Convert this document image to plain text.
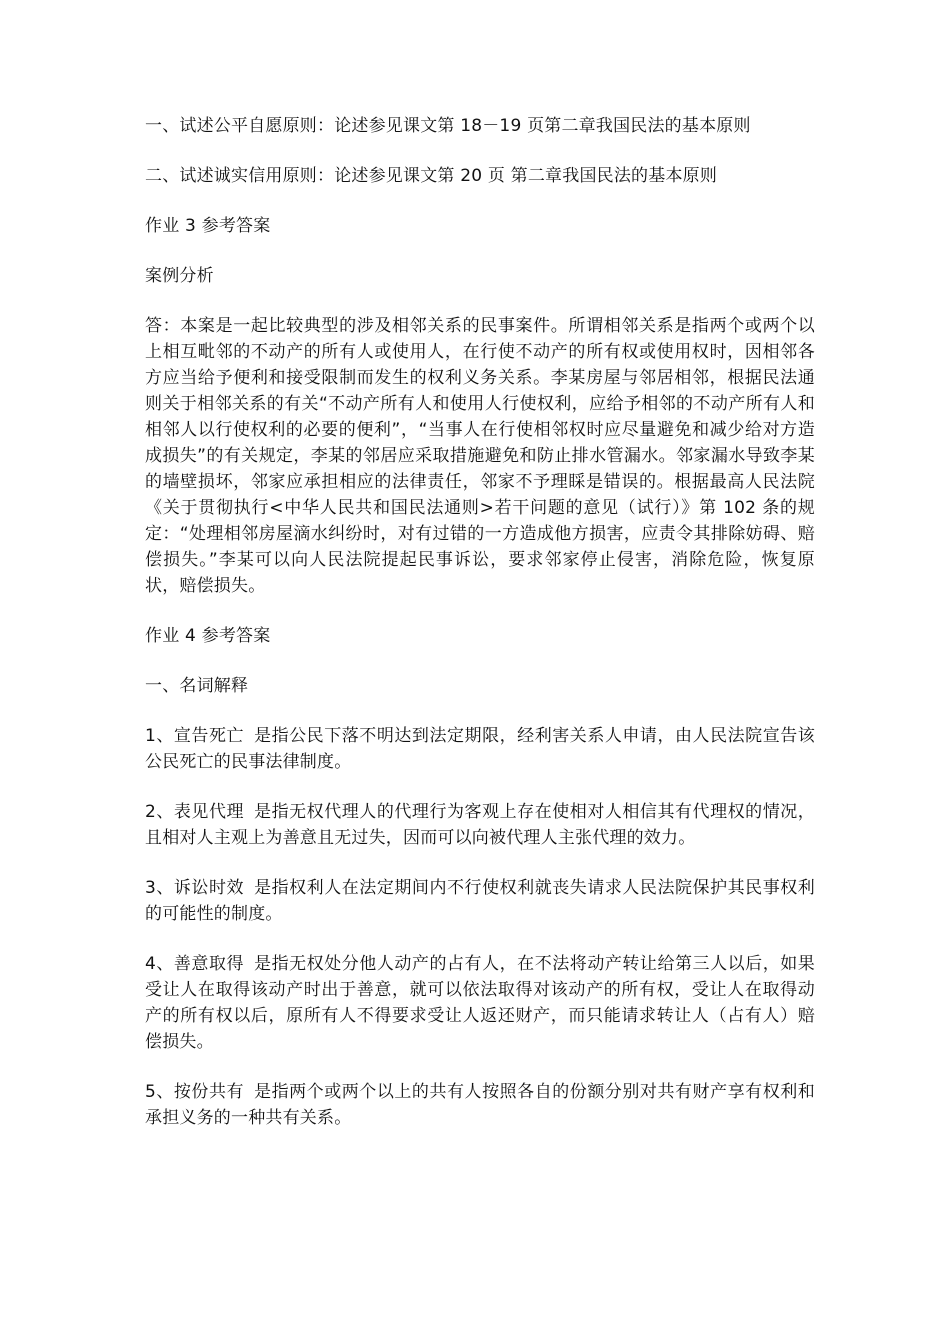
一、试述公平自愿原则：论述参见课文第 18－19 页第二章我国民法的基本原则

二、试述诚实信用原则：论述参见课文第 20 页 第二章我国民法的基本原则

作业 3 参考答案

案例分析

答：本案是一起比较典型的涉及相邻关系的民事案件。所谓相邻关系是指两个或两个以上相互毗邻的不动产的所有人或使用人，在行使不动产的所有权或使用权时，因相邻各方应当给予便利和接受限制而发生的权利义务关系。李某房屋与邻居相邻，根据民法通则关于相邻关系的有关“不动产所有人和使用人行使权利，应给予相邻的不动产所有人和相邻人以行使权利的必要的便利”，“当事人在行使相邻权时应尽量避免和减少给对方造成损失”的有关规定，李某的邻居应采取措施避免和防止排水管漏水。邻家漏水导致李某的墙壁损坏，邻家应承担相应的法律责任，邻家不予理睬是错误的。根据最高人民法院《关于贯彻执行<中华人民共和国民法通则>若干问题的意见（试行）》第 102 条的规定：“处理相邻房屋滴水纠纷时，对有过错的一方造成他方损害，应责令其排除妨碍、赔偿损失。”李某可以向人民法院提起民事诉讼，要求邻家停止侵害，消除危险，恢复原状，赔偿损失。

作业 4 参考答案

一、名词解释

1、宣告死亡 是指公民下落不明达到法定期限，经利害关系人申请，由人民法院宣告该公民死亡的民事法律制度。

2、表见代理 是指无权代理人的代理行为客观上存在使相对人相信其有代理权的情况，且相对人主观上为善意且无过失，因而可以向被代理人主张代理的效力。

3、诉讼时效 是指权利人在法定期间内不行使权利就丧失请求人民法院保护其民事权利的可能性的制度。

4、善意取得 是指无权处分他人动产的占有人，在不法将动产转让给第三人以后，如果受让人在取得该动产时出于善意，就可以依法取得对该动产的所有权，受让人在取得动产的所有权以后，原所有人不得要求受让人返还财产，而只能请求转让人（占有人）赔偿损失。

5、按份共有 是指两个或两个以上的共有人按照各自的份额分别对共有财产享有权利和承担义务的一种共有关系。
